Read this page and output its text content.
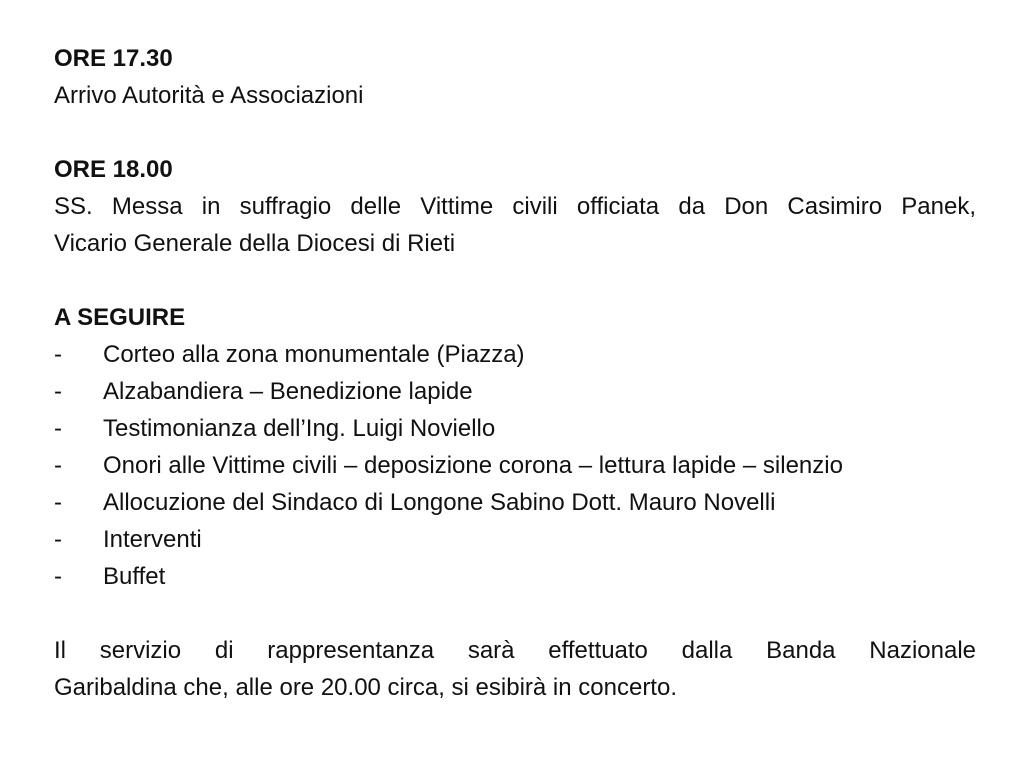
ORE 17.30
Arrivo Autorità e Associazioni
ORE 18.00
SS. Messa in suffragio delle Vittime civili officiata da Don Casimiro Panek,
Vicario Generale della Diocesi di Rieti
A SEGUIRE
-	Corteo alla zona monumentale (Piazza)
-	Alzabandiera – Benedizione lapide
-	Testimonianza dell’Ing. Luigi Noviello
-	Onori alle Vittime civili – deposizione corona – lettura lapide – silenzio
-	Allocuzione del Sindaco di Longone Sabino Dott. Mauro Novelli
-	Interventi
-	Buffet
Il servizio di rappresentanza sarà effettuato dalla Banda Nazionale
Garibaldina che, alle ore 20.00 circa, si esibirà in concerto.
